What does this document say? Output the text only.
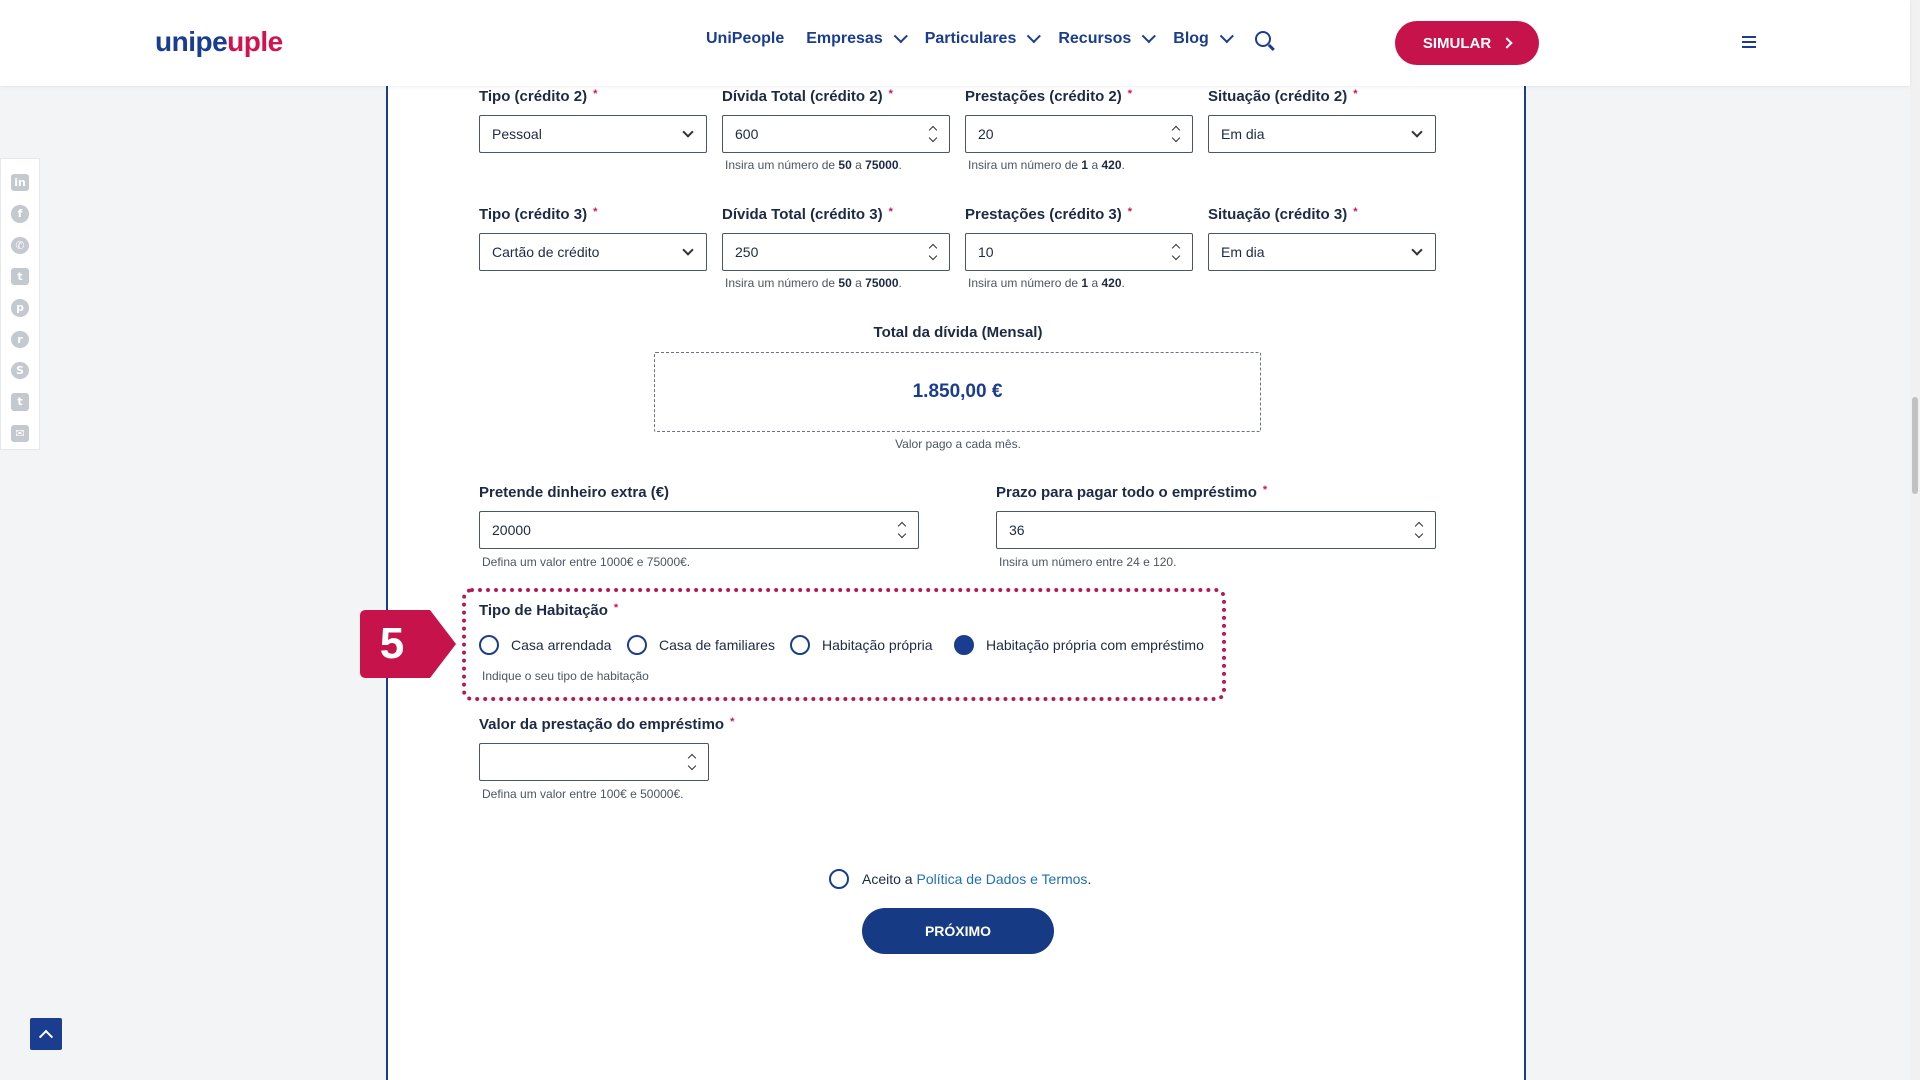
unipeuple	UniPeople Empresas	Particulares	Recursos	Blog	SIMULAR
in
f
✆
t
p
r
S
t
✉
Tipo (crédito 2) *
Pessoal
Dívida Total (crédito 2) *
600
Insira um número de 50 a 75000.
Prestações (crédito 2) *
20
Insira um número de 1 a 420.
Situação (crédito 2) *
Em dia
Tipo (crédito 3) *
Cartão de crédito
Dívida Total (crédito 3) *
250
Insira um número de 50 a 75000.
Prestações (crédito 3) *
10
Insira um número de 1 a 420.
Situação (crédito 3) *
Em dia
Total da dívida (Mensal)
1.850,00 €
Valor pago a cada mês.
Pretende dinheiro extra (€)
20000
Defina um valor entre 1000€ e 75000€.
Prazo para pagar todo o empréstimo *
36
Insira um número entre 24 e 120.
Tipo de Habitação *
Casa arrendada	Casa de familiares	Habitação própria	Habitação própria com empréstimo
Indique o seu tipo de habitação
Valor da prestação do empréstimo *
Defina um valor entre 100€ e 50000€.
Aceito a Política de Dados e Termos.
PRÓXIMO
5
